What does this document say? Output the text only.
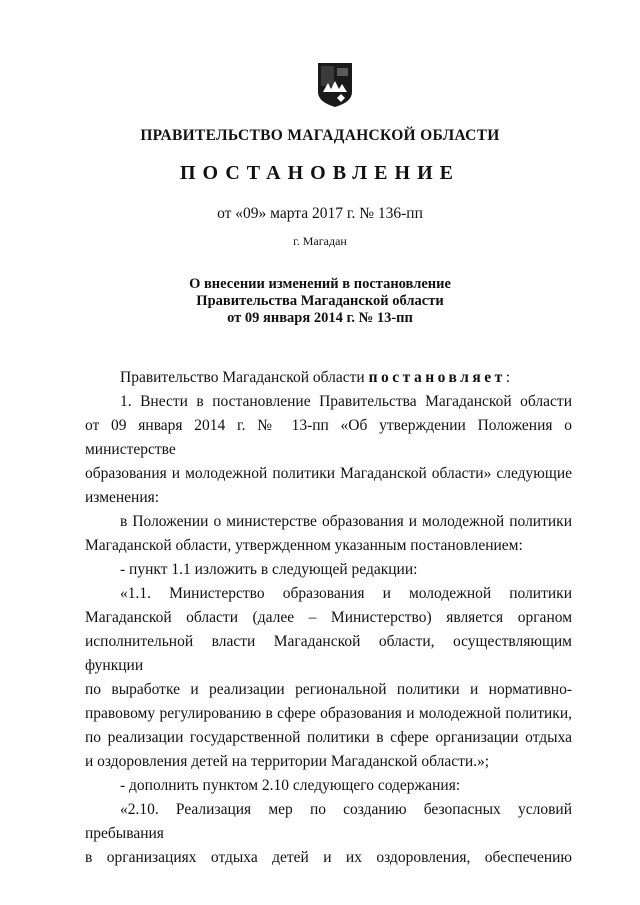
ПРАВИТЕЛЬСТВО МАГАДАНСКОЙ ОБЛАСТИ
ПОСТАНОВЛЕНИЕ
от «09» марта 2017 г. № 136-пп
г. Магадан
О внесении изменений в постановление
Правительства Магаданской области
от 09 января 2014 г. № 13-пп

Правительство Магаданской области постановляет:

1. Внести в постановление Правительства Магаданской области

от 09 января 2014 г. № 13-пп «Об утверждении Положения о министерстве

образования и молодежной политики Магаданской области» следующие

изменения:

в Положении о министерстве образования и молодежной политики

Магаданской области, утвержденном указанным постановлением:

- пункт 1.1 изложить в следующей редакции:

«1.1. Министерство образования и молодежной политики

Магаданской области (далее – Министерство) является органом

исполнительной власти Магаданской области, осуществляющим функции

по выработке и реализации региональной политики и нормативно-

правовому регулированию в сфере образования и молодежной политики,

по реализации государственной политики в сфере организации отдыха

и оздоровления детей на территории Магаданской области.»;

- дополнить пунктом 2.10 следующего содержания:

«2.10. Реализация мер по созданию безопасных условий пребывания

в организациях отдыха детей и их оздоровления, обеспечению
